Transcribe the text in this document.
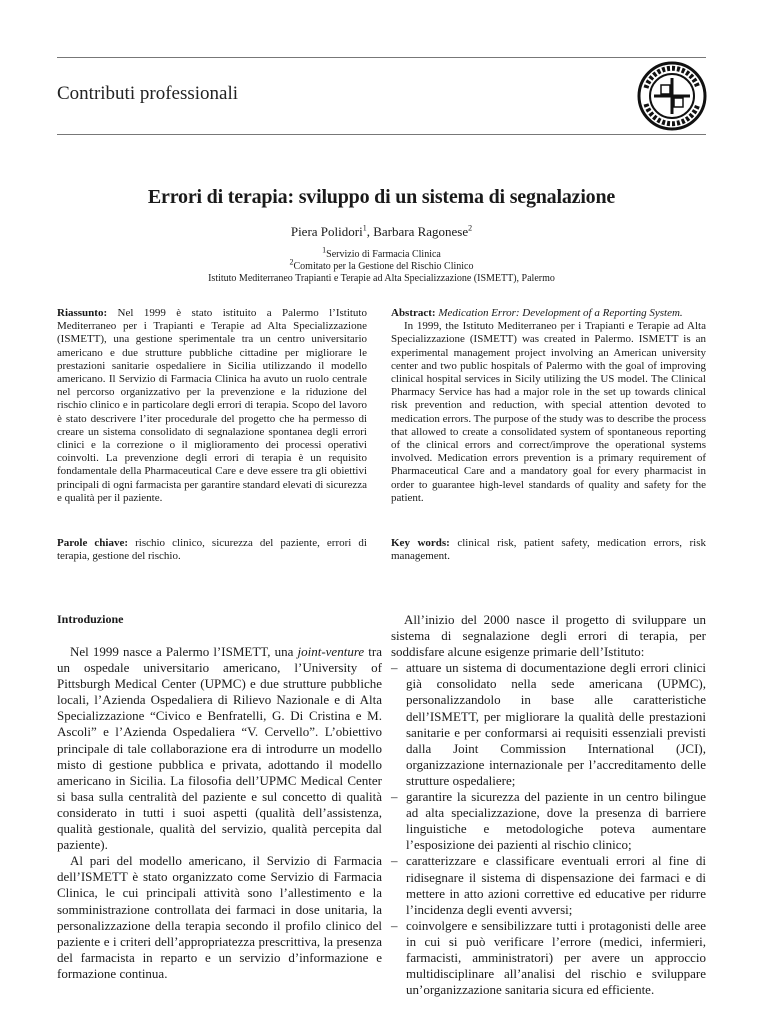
Contributi professionali
Errori di terapia: sviluppo di un sistema di segnalazione
Piera Polidori$^1$, Barbara Ragonese$^2$
$^1$Servizio di Farmacia Clinica
$^2$Comitato per la Gestione del Rischio Clinico
Istituto Mediterraneo Trapianti e Terapie ad Alta Specializzazione (ISMETT), Palermo
Riassunto: Nel 1999 è stato istituito a Palermo l’Istituto Mediterraneo per i Trapianti e Terapie ad Alta Specializzazione (ISMETT), una gestione sperimentale tra un centro universitario americano e due strutture pubbliche cittadine per migliorare le prestazioni sanitarie ospedaliere in Sicilia utilizzando il modello americano. Il Servizio di Farmacia Clinica ha avuto un ruolo centrale nel percorso organizzativo per la prevenzione e la riduzione del rischio clinico e in particolare degli errori di terapia. Scopo del lavoro è stato descrivere l’iter procedurale del progetto che ha permesso di creare un sistema consolidato di segnalazione spontanea degli errori clinici e la correzione o il miglioramento dei processi operativi coinvolti. La prevenzione degli errori di terapia è un requisito fondamentale della Pharmaceutical Care e deve essere tra gli obiettivi principali di ogni farmacista per garantire standard elevati di sicurezza e qualità per il paziente.
Parole chiave: rischio clinico, sicurezza del paziente, errori di terapia, gestione del rischio.
Abstract: Medication Error: Development of a Reporting System.
In 1999, the Istituto Mediterraneo per i Trapianti e Terapie ad Alta Specializzazione (ISMETT) was created in Palermo. ISMETT is an experimental management project involving an American university center and two public hospitals of Palermo with the goal of improving clinical hospital services in Sicily utilizing the US model. The Clinical Pharmacy Service has had a major role in the set up towards clinical risk prevention and reduction, with special attention devoted to medication errors. The purpose of the study was to describe the process that allowed to create a consolidated system of spontaneous reporting of the clinical errors and correct/improve the operational systems involved. Medication errors prevention is a primary requirement of Pharmaceutical Care and a mandatory goal for every pharmacist in order to guarantee high-level standards of quality and safety for the patient.
Key words: clinical risk, patient safety, medication errors, risk management.
Introduzione

Nel 1999 nasce a Palermo l’ISMETT, una joint-venture tra un ospedale universitario americano, l’University of Pittsburgh Medical Center (UPMC) e due strutture pubbliche locali, l’Azienda Ospedaliera di Rilievo Nazionale e di Alta Specializzazione “Civico e Benfratelli, G. Di Cristina e M. Ascoli” e l’Azienda Ospedaliera “V. Cervello”. L’obiettivo principale di tale collaborazione era di introdurre un modello misto di gestione pubblica e privata, adottando il modello americano in Sicilia. La filosofia dell’UPMC Medical Center si basa sulla centralità del paziente e sul concetto di qualità considerato in tutti i suoi aspetti (qualità dell’assistenza, qualità gestionale, qualità del servizio, qualità percepita dal paziente).

Al pari del modello americano, il Servizio di Farmacia dell’ISMETT è stato organizzato come Servizio di Farmacia Clinica, le cui principali attività sono l’allestimento e la somministrazione controllata dei farmaci in dose unitaria, la personalizzazione della terapia secondo il profilo clinico del paziente e i criteri dell’appropriatezza prescrittiva, la presenza del farmacista in reparto e un servizio d’informazione e formazione continua.

All’inizio del 2000 nasce il progetto di sviluppare un sistema di segnalazione degli errori di terapia, per soddisfare alcune esigenze primarie dell’Istituto:

– attuare un sistema di documentazione degli errori clinici già consolidato nella sede americana (UPMC), personalizzandolo in base alle caratteristiche dell’ISMETT, per migliorare la qualità delle prestazioni sanitarie e per conformarsi ai requisiti essenziali previsti dalla Joint Commission International (JCI), organizzazione internazionale per l’accreditamento delle strutture ospedaliere;
– garantire la sicurezza del paziente in un centro bilingue ad alta specializzazione, dove la presenza di barriere linguistiche e metodologiche poteva aumentare l’esposizione dei pazienti al rischio clinico;
– caratterizzare e classificare eventuali errori al fine di ridisegnare il sistema di dispensazione dei farmaci e di mettere in atto azioni correttive ed educative per ridurre l’incidenza degli eventi avversi;
– coinvolgere e sensibilizzare tutti i protagonisti delle aree in cui si può verificare l’errore (medici, infermieri, farmacisti, amministratori) per avere un approccio multidisciplinare all’analisi del rischio e sviluppare un’organizzazione sanitaria sicura ed efficiente.
